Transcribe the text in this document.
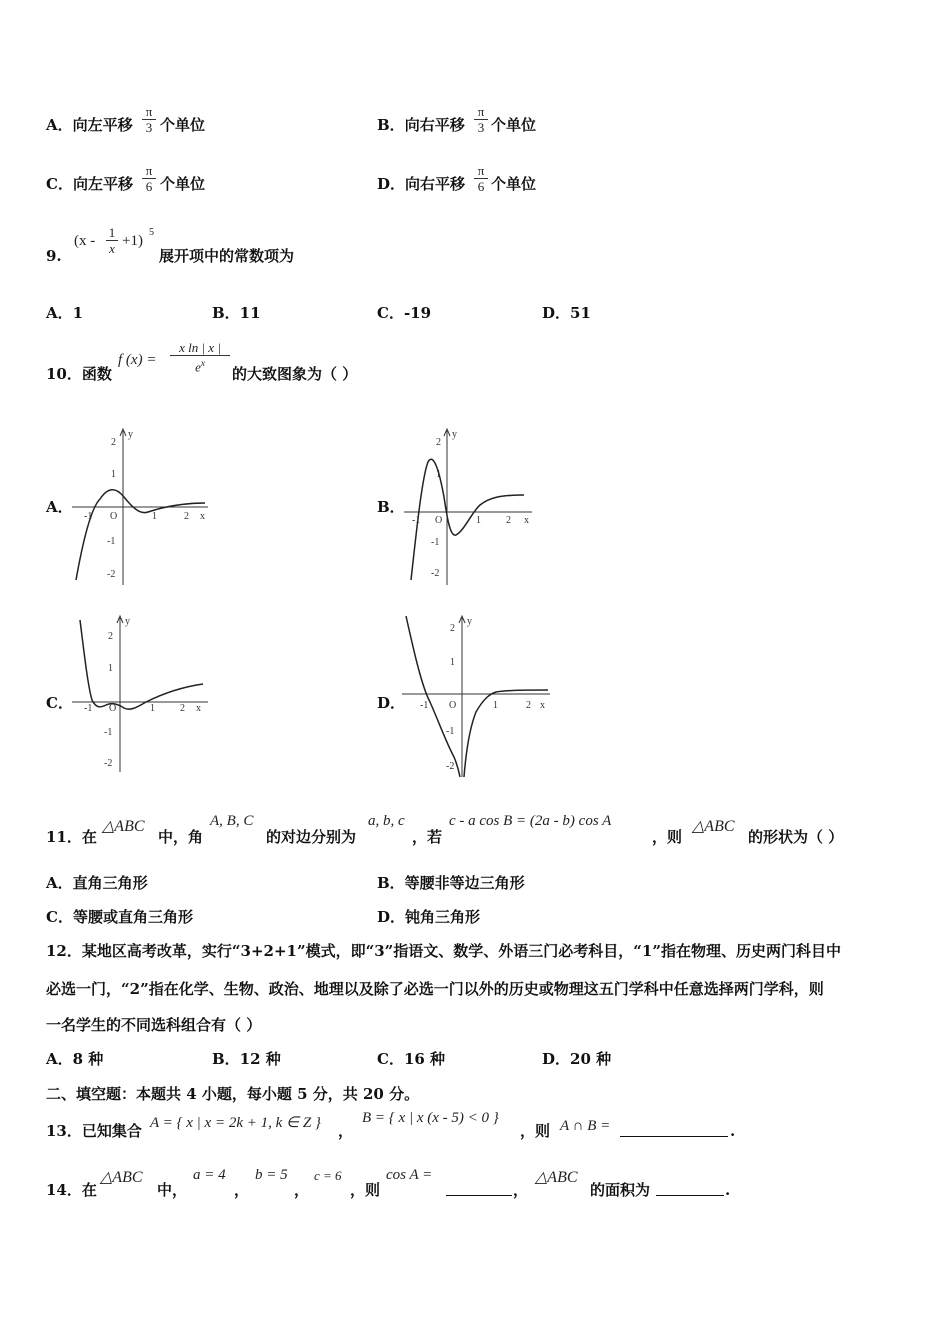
A．向左平移 $\frac{\pi}{3}$ 个单位	B．向右平移 $\frac{\pi}{3}$ 个单位
C．向左平移 $\frac{\pi}{6}$ 个单位	D．向右平移 $\frac{\pi}{6}$ 个单位
9.
$(x - \frac{1}{x} +1)$
5
展开项中的常数项为
A．1	B．11	C．-19	D．51
10．函数
f $(x) = \frac{\text{x ln | x |}}{e^x}$ 的大致图象为（ ）
A．	B．
C．	D．
y
x
O
-1	1	2
2
1
-1
-2
y
x
O
-1	1	2
2
1
-1
-2
y
x
O
-1	1	2
2
1
-1
-2
y
x
O
-1	1	2
2
1
-1
-2
11．在
△ABC
中，角
A, B, C
的对边分别为
a, b, c
，若
c - a cos B = (2a - b) cos A
，则
△ABC
的形状为（ ）
A．直角三角形	B．等腰非等边三角形
C．等腰或直角三角形	D．钝角三角形
12．某地区高考改革，实行“3+2+1”模式，即“3”指语文、数学、外语三门必考科目，“1”指在物理、历史两门科目中
必选一门，“2”指在化学、生物、政治、地理以及除了必选一门以外的历史或物理这五门学科中任意选择两门学科，则
一名学生的不同选科组合有（ ）
A．8 种	B．12 种	C．16 种	D．20 种
二、填空题：本题共 4 小题，每小题 5 分，共 20 分。
13．已知集合 A = { x | x = 2k + 1, k ∈ Z } ，
B = { x | x (x - 5) < 0 }
，则 A ∩ B =	.
14．在
△ABC
中，
a = 4
，
b = 5
，
c = 6
，则
cos A =
，
△ABC
的面积为	.
